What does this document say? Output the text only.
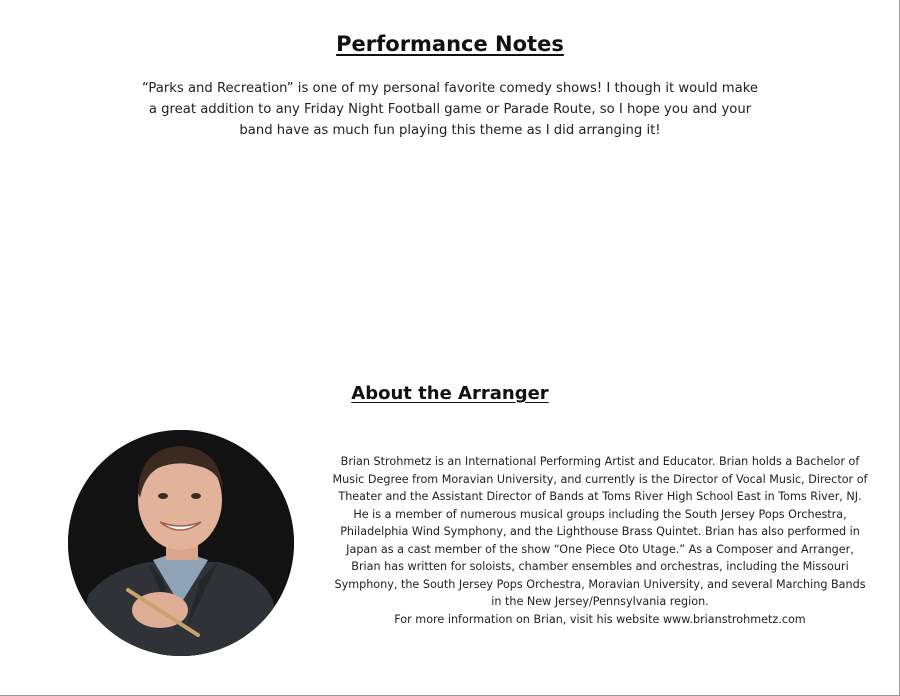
Performance Notes
“Parks and Recreation” is one of my personal favorite comedy shows! I though it would make a great addition to any Friday Night Football game or Parade Route, so I hope you and your band have as much fun playing this theme as I did arranging it!
About the Arranger

Brian Strohmetz is an International Performing Artist and Educator. Brian holds a Bachelor of Music Degree from Moravian University, and currently is the Director of Vocal Music, Director of Theater and the Assistant Director of Bands at Toms River High School East in Toms River, NJ. He is a member of numerous musical groups including the South Jersey Pops Orchestra, Philadelphia Wind Symphony, and the Lighthouse Brass Quintet. Brian has also performed in Japan as a cast member of the show “One Piece Oto Utage.” As a Composer and Arranger, Brian has written for soloists, chamber ensembles and orchestras, including the Missouri Symphony, the South Jersey Pops Orchestra, Moravian University, and several Marching Bands in the New Jersey/Pennsylvania region.

For more information on Brian, visit his website www.brianstrohmetz.com
